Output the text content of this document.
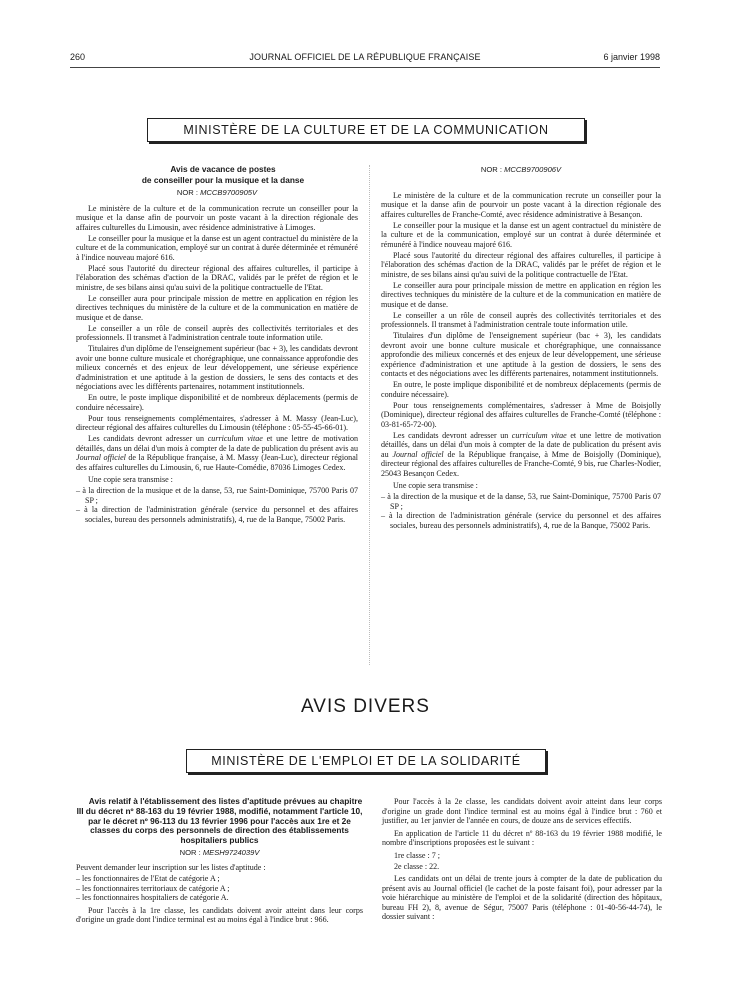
260	JOURNAL OFFICIEL DE LA RÉPUBLIQUE FRANÇAISE	6 janvier 1998
MINISTÈRE DE LA CULTURE ET DE LA COMMUNICATION

Avis de vacance de postes

de conseiller pour la musique et la danse

NOR : MCCB9700905V

Le ministère de la culture et de la communication recrute un conseiller pour la musique et la danse afin de pourvoir un poste vacant à la direction régionale des affaires culturelles du Limousin, avec résidence administrative à Limoges.

Le conseiller pour la musique et la danse est un agent contractuel du ministère de la culture et de la communication, employé sur un contrat à durée déterminée et rémunéré à l'indice nouveau majoré 616.

Placé sous l'autorité du directeur régional des affaires culturelles, il participe à l'élaboration des schémas d'action de la DRAC, validés par le préfet de région et le ministre, de ses bilans ainsi qu'au suivi de la politique contractuelle de l'Etat.

Le conseiller aura pour principale mission de mettre en application en région les directives techniques du ministère de la culture et de la communication en matière de musique et de danse.

Le conseiller a un rôle de conseil auprès des collectivités territoriales et des professionnels. Il transmet à l'administration centrale toute information utile.

Titulaires d'un diplôme de l'enseignement supérieur (bac + 3), les candidats devront avoir une bonne culture musicale et chorégraphique, une connaissance approfondie des milieux concernés et des enjeux de leur développement, une sérieuse expérience d'administration et une aptitude à la gestion de dossiers, le sens des contacts et des négociations avec les différents partenaires, notamment institutionnels.

En outre, le poste implique disponibilité et de nombreux déplacements (permis de conduire nécessaire).

Pour tous renseignements complémentaires, s'adresser à M. Massy (Jean-Luc), directeur régional des affaires culturelles du Limousin (téléphone : 05-55-45-66-01).

Les candidats devront adresser un curriculum vitae et une lettre de motivation détaillés, dans un délai d'un mois à compter de la date de publication du présent avis au Journal officiel de la République française, à M. Massy (Jean-Luc), directeur régional des affaires culturelles du Limousin, 6, rue Haute-Comédie, 87036 Limoges Cedex.

Une copie sera transmise :

– à la direction de la musique et de la danse, 53, rue Saint-Dominique, 75700 Paris 07 SP ;

– à la direction de l'administration générale (service du personnel et des affaires sociales, bureau des personnels administratifs), 4, rue de la Banque, 75002 Paris.

NOR : MCCB9700906V

Le ministère de la culture et de la communication recrute un conseiller pour la musique et la danse afin de pourvoir un poste vacant à la direction régionale des affaires culturelles de Franche-Comté, avec résidence administrative à Besançon.

Le conseiller pour la musique et la danse est un agent contractuel du ministère de la culture et de la communication, employé sur un contrat à durée déterminée et rémunéré à l'indice nouveau majoré 616.

Placé sous l'autorité du directeur régional des affaires culturelles, il participe à l'élaboration des schémas d'action de la DRAC, validés par le préfet de région et le ministre, de ses bilans ainsi qu'au suivi de la politique contractuelle de l'Etat.

Le conseiller aura pour principale mission de mettre en application en région les directives techniques du ministère de la culture et de la communication en matière de musique et de danse.

Le conseiller a un rôle de conseil auprès des collectivités territoriales et des professionnels. Il transmet à l'administration centrale toute information utile.

Titulaires d'un diplôme de l'enseignement supérieur (bac + 3), les candidats devront avoir une bonne culture musicale et chorégraphique, une connaissance approfondie des milieux concernés et des enjeux de leur développement, une sérieuse expérience d'administration et une aptitude à la gestion de dossiers, le sens des contacts et des négociations avec les différents partenaires, notamment institutionnels.

En outre, le poste implique disponibilité et de nombreux déplacements (permis de conduire nécessaire).

Pour tous renseignements complémentaires, s'adresser à Mme de Boisjolly (Dominique), directeur régional des affaires culturelles de Franche-Comté (téléphone : 03-81-65-72-00).

Les candidats devront adresser un curriculum vitae et une lettre de motivation détaillés, dans un délai d'un mois à compter de la date de publication du présent avis au Journal officiel de la République française, à Mme de Boisjolly (Dominique), directeur régional des affaires culturelles de Franche-Comté, 9 bis, rue Charles-Nodier, 25043 Besançon Cedex.

Une copie sera transmise :

– à la direction de la musique et de la danse, 53, rue Saint-Dominique, 75700 Paris 07 SP ;

– à la direction de l'administration générale (service du personnel et des affaires sociales, bureau des personnels administratifs), 4, rue de la Banque, 75002 Paris.

AVIS DIVERS
MINISTÈRE DE L'EMPLOI ET DE LA SOLIDARITÉ

Avis relatif à l'établissement des listes d'aptitude prévues au chapitre III du décret nº 88-163 du 19 février 1988, modifié, notamment l'article 10, par le décret nº 96-113 du 13 février 1996 pour l'accès aux 1re et 2e classes du corps des personnels de direction des établissements hospitaliers publics

NOR : MESH9724039V

Peuvent demander leur inscription sur les listes d'aptitude :

– les fonctionnaires de l'Etat de catégorie A ;

– les fonctionnaires territoriaux de catégorie A ;

– les fonctionnaires hospitaliers de catégorie A.

Pour l'accès à la 1re classe, les candidats doivent avoir atteint dans leur corps d'origine un grade dont l'indice terminal est au moins égal à l'indice brut : 966.

Pour l'accès à la 2e classe, les candidats doivent avoir atteint dans leur corps d'origine un grade dont l'indice terminal est au moins égal à l'indice brut : 760 et justifier, au 1er janvier de l'année en cours, de douze ans de services effectifs.

En application de l'article 11 du décret nº 88-163 du 19 février 1988 modifié, le nombre d'inscriptions proposées est le suivant :

1re classe : 7 ;

2e classe : 22.

Les candidats ont un délai de trente jours à compter de la date de publication du présent avis au Journal officiel (le cachet de la poste faisant foi), pour adresser par la voie hiérarchique au ministère de l'emploi et de la solidarité (direction des hôpitaux, bureau FH 2), 8, avenue de Ségur, 75007 Paris (téléphone : 01-40-56-44-74), le dossier suivant :
